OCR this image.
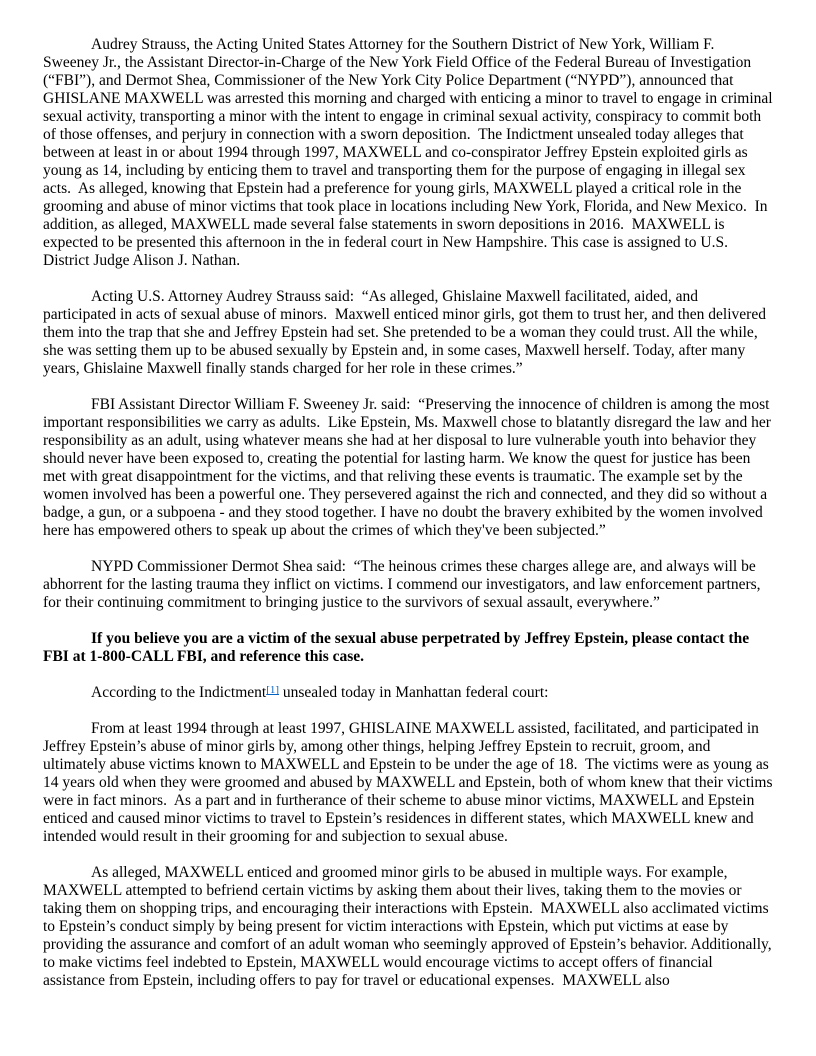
Audrey Strauss, the Acting United States Attorney for the Southern District of New York, William F. Sweeney Jr., the Assistant Director-in-Charge of the New York Field Office of the Federal Bureau of Investigation (“FBI”), and Dermot Shea, Commissioner of the New York City Police Department (“NYPD”), announced that GHISLANE MAXWELL was arrested this morning and charged with enticing a minor to travel to engage in criminal sexual activity, transporting a minor with the intent to engage in criminal sexual activity, conspiracy to commit both of those offenses, and perjury in connection with a sworn deposition.  The Indictment unsealed today alleges that between at least in or about 1994 through 1997, MAXWELL and co-conspirator Jeffrey Epstein exploited girls as young as 14, including by enticing them to travel and transporting them for the purpose of engaging in illegal sex acts.  As alleged, knowing that Epstein had a preference for young girls, MAXWELL played a critical role in the grooming and abuse of minor victims that took place in locations including New York, Florida, and New Mexico.  In addition, as alleged, MAXWELL made several false statements in sworn depositions in 2016.  MAXWELL is expected to be presented this afternoon in the in federal court in New Hampshire. This case is assigned to U.S. District Judge Alison J. Nathan.

Acting U.S. Attorney Audrey Strauss said:  “As alleged, Ghislaine Maxwell facilitated, aided, and participated in acts of sexual abuse of minors.  Maxwell enticed minor girls, got them to trust her, and then delivered them into the trap that she and Jeffrey Epstein had set. She pretended to be a woman they could trust. All the while, she was setting them up to be abused sexually by Epstein and, in some cases, Maxwell herself. Today, after many years, Ghislaine Maxwell finally stands charged for her role in these crimes.”

FBI Assistant Director William F. Sweeney Jr. said:  “Preserving the innocence of children is among the most important responsibilities we carry as adults.  Like Epstein, Ms. Maxwell chose to blatantly disregard the law and her responsibility as an adult, using whatever means she had at her disposal to lure vulnerable youth into behavior they should never have been exposed to, creating the potential for lasting harm. We know the quest for justice has been met with great disappointment for the victims, and that reliving these events is traumatic. The example set by the women involved has been a powerful one. They persevered against the rich and connected, and they did so without a badge, a gun, or a subpoena - and they stood together. I have no doubt the bravery exhibited by the women involved here has empowered others to speak up about the crimes of which they've been subjected.”

NYPD Commissioner Dermot Shea said:  “The heinous crimes these charges allege are, and always will be abhorrent for the lasting trauma they inflict on victims. I commend our investigators, and law enforcement partners, for their continuing commitment to bringing justice to the survivors of sexual assault, everywhere.”

If you believe you are a victim of the sexual abuse perpetrated by Jeffrey Epstein, please contact the FBI at 1-800-CALL FBI, and reference this case.

According to the Indictment[1] unsealed today in Manhattan federal court:

From at least 1994 through at least 1997, GHISLAINE MAXWELL assisted, facilitated, and participated in Jeffrey Epstein’s abuse of minor girls by, among other things, helping Jeffrey Epstein to recruit, groom, and ultimately abuse victims known to MAXWELL and Epstein to be under the age of 18.  The victims were as young as 14 years old when they were groomed and abused by MAXWELL and Epstein, both of whom knew that their victims were in fact minors.  As a part and in furtherance of their scheme to abuse minor victims, MAXWELL and Epstein enticed and caused minor victims to travel to Epstein’s residences in different states, which MAXWELL knew and intended would result in their grooming for and subjection to sexual abuse.

As alleged, MAXWELL enticed and groomed minor girls to be abused in multiple ways. For example, MAXWELL attempted to befriend certain victims by asking them about their lives, taking them to the movies or taking them on shopping trips, and encouraging their interactions with Epstein.  MAXWELL also acclimated victims to Epstein’s conduct simply by being present for victim interactions with Epstein, which put victims at ease by providing the assurance and comfort of an adult woman who seemingly approved of Epstein’s behavior. Additionally, to make victims feel indebted to Epstein, MAXWELL would encourage victims to accept offers of financial assistance from Epstein, including offers to pay for travel or educational expenses.  MAXWELL also
